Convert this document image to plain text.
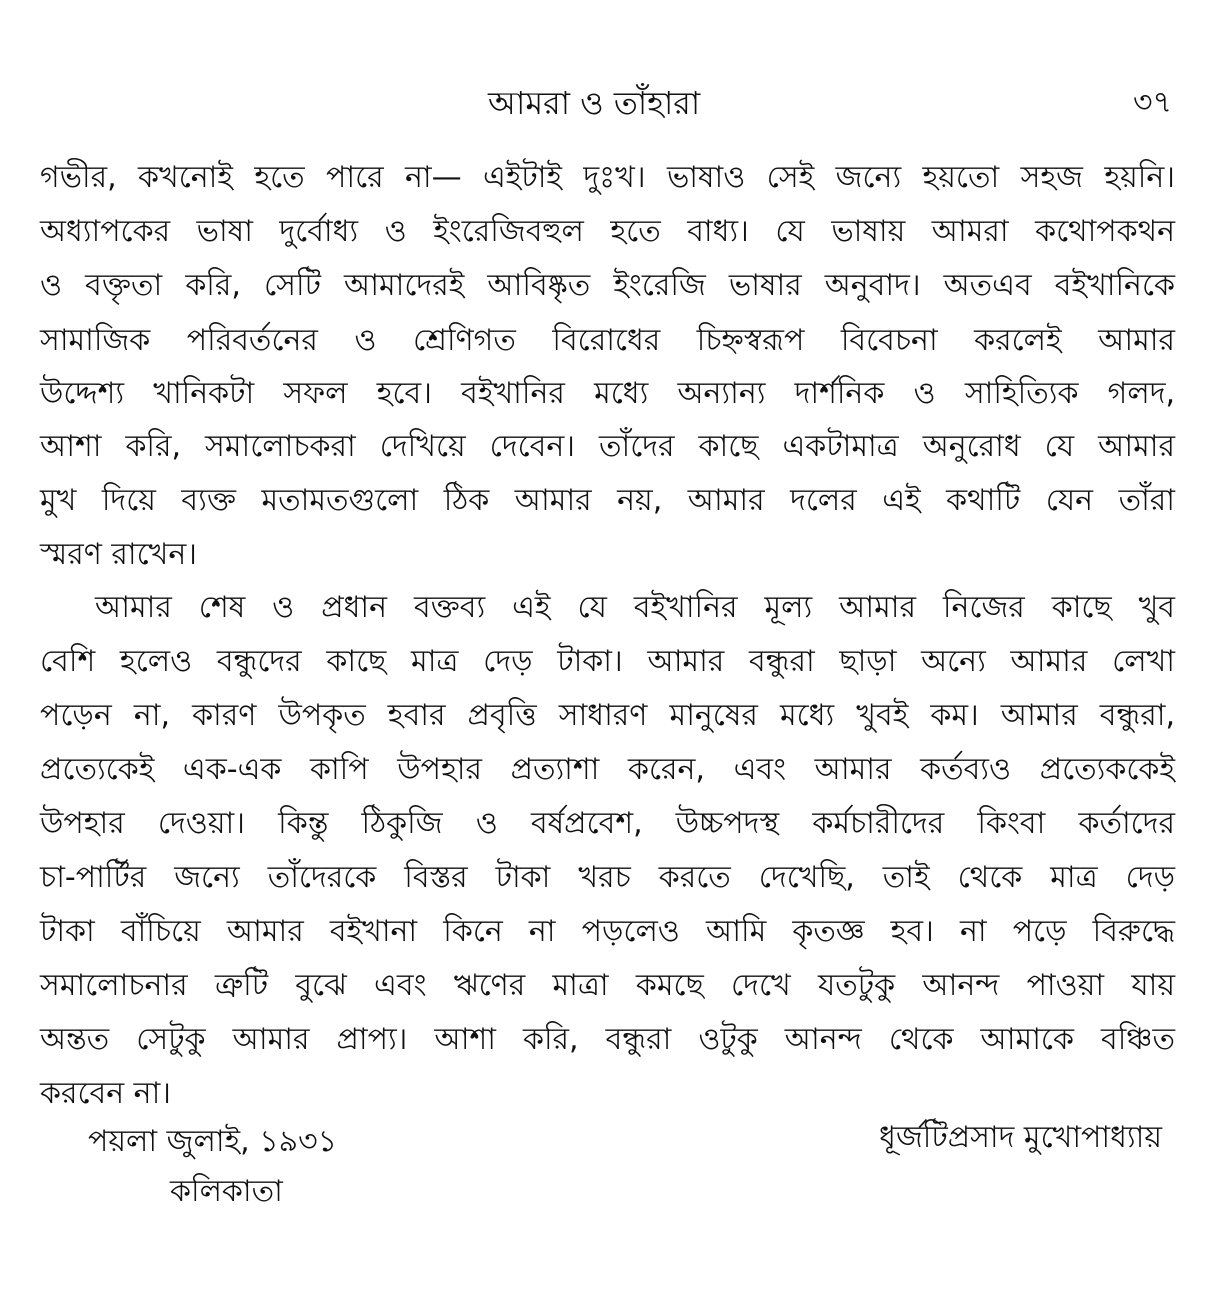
আমরা ও তাঁহারা	৩৭
গভীর, কখনোই হতে পারে না— এইটাই দুঃখ। ভাষাও সেই জন্যে হয়তো সহজ হয়নি।
অধ্যাপকের ভাষা দুর্বোধ্য ও ইংরেজিবহুল হতে বাধ্য। যে ভাষায় আমরা কথোপকথন
ও বক্তৃতা করি, সেটি আমাদেরই আবিষ্কৃত ইংরেজি ভাষার অনুবাদ। অতএব বইখানিকে
সামাজিক পরিবর্তনের ও শ্রেণিগত বিরোধের চিহ্নস্বরূপ বিবেচনা করলেই আমার
উদ্দেশ্য খানিকটা সফল হবে। বইখানির মধ্যে অন্যান্য দার্শনিক ও সাহিত্যিক গলদ,
আশা করি, সমালোচকরা দেখিয়ে দেবেন। তাঁদের কাছে একটামাত্র অনুরোধ যে আমার
মুখ দিয়ে ব্যক্ত মতামতগুলো ঠিক আমার নয়, আমার দলের এই কথাটি যেন তাঁরা
স্মরণ রাখেন।
আমার শেষ ও প্রধান বক্তব্য এই যে বইখানির মূল্য আমার নিজের কাছে খুব
বেশি হলেও বন্ধুদের কাছে মাত্র দেড় টাকা। আমার বন্ধুরা ছাড়া অন্যে আমার লেখা
পড়েন না, কারণ উপকৃত হবার প্রবৃত্তি সাধারণ মানুষের মধ্যে খুবই কম। আমার বন্ধুরা,
প্রত্যেকেই এক-এক কাপি উপহার প্রত্যাশা করেন, এবং আমার কর্তব্যও প্রত্যেককেই
উপহার দেওয়া। কিন্তু ঠিকুজি ও বর্ষপ্রবেশ, উচ্চপদস্থ কর্মচারীদের কিংবা কর্তাদের
চা-পার্টির জন্যে তাঁদেরকে বিস্তর টাকা খরচ করতে দেখেছি, তাই থেকে মাত্র দেড়
টাকা বাঁচিয়ে আমার বইখানা কিনে না পড়লেও আমি কৃতজ্ঞ হব। না পড়ে বিরুদ্ধে
সমালোচনার ত্রুটি বুঝে এবং ঋণের মাত্রা কমছে দেখে যতটুকু আনন্দ পাওয়া যায়
অন্তত সেটুকু আমার প্রাপ্য। আশা করি, বন্ধুরা ওটুকু আনন্দ থেকে আমাকে বঞ্চিত
করবেন না।
পয়লা জুলাই, ১৯৩১
কলিকাতা
ধূর্জটিপ্রসাদ মুখোপাধ্যায়
